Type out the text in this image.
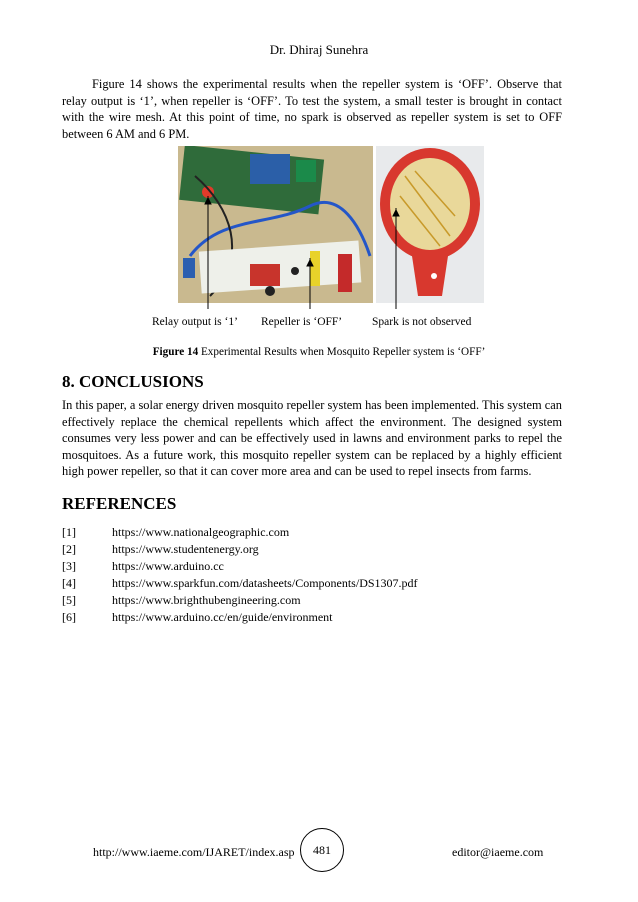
Dr. Dhiraj Sunehra
Figure 14 shows the experimental results when the repeller system is ‘OFF’. Observe that relay output is ‘1’, when repeller is ‘OFF’. To test the system, a small tester is brought in contact with the wire mesh. At this point of time, no spark is observed as repeller system is set to OFF between 6 AM and 6 PM.
Relay output is ‘1’ Repeller is ‘OFF’	Spark is not observed
Figure 14 Experimental Results when Mosquito Repeller system is ‘OFF’
8. CONCLUSIONS
In this paper, a solar energy driven mosquito repeller system has been implemented. This system can effectively replace the chemical repellents which affect the environment. The designed system consumes very less power and can be effectively used in lawns and environment parks to repel the mosquitoes. As a future work, this mosquito repeller system can be replaced by a highly efficient high power repeller, so that it can cover more area and can be used to repel insects from farms.
REFERENCES
[1]	https://www.nationalgeographic.com
[2]	https://www.studentenergy.org
[3]	https://www.arduino.cc
[4]	https://www.sparkfun.com/datasheets/Components/DS1307.pdf
[5]	https://www.brighthubengineering.com
[6]	https://www.arduino.cc/en/guide/environment
http://www.iaeme.com/IJARET/index.asp	481	editor@iaeme.com
